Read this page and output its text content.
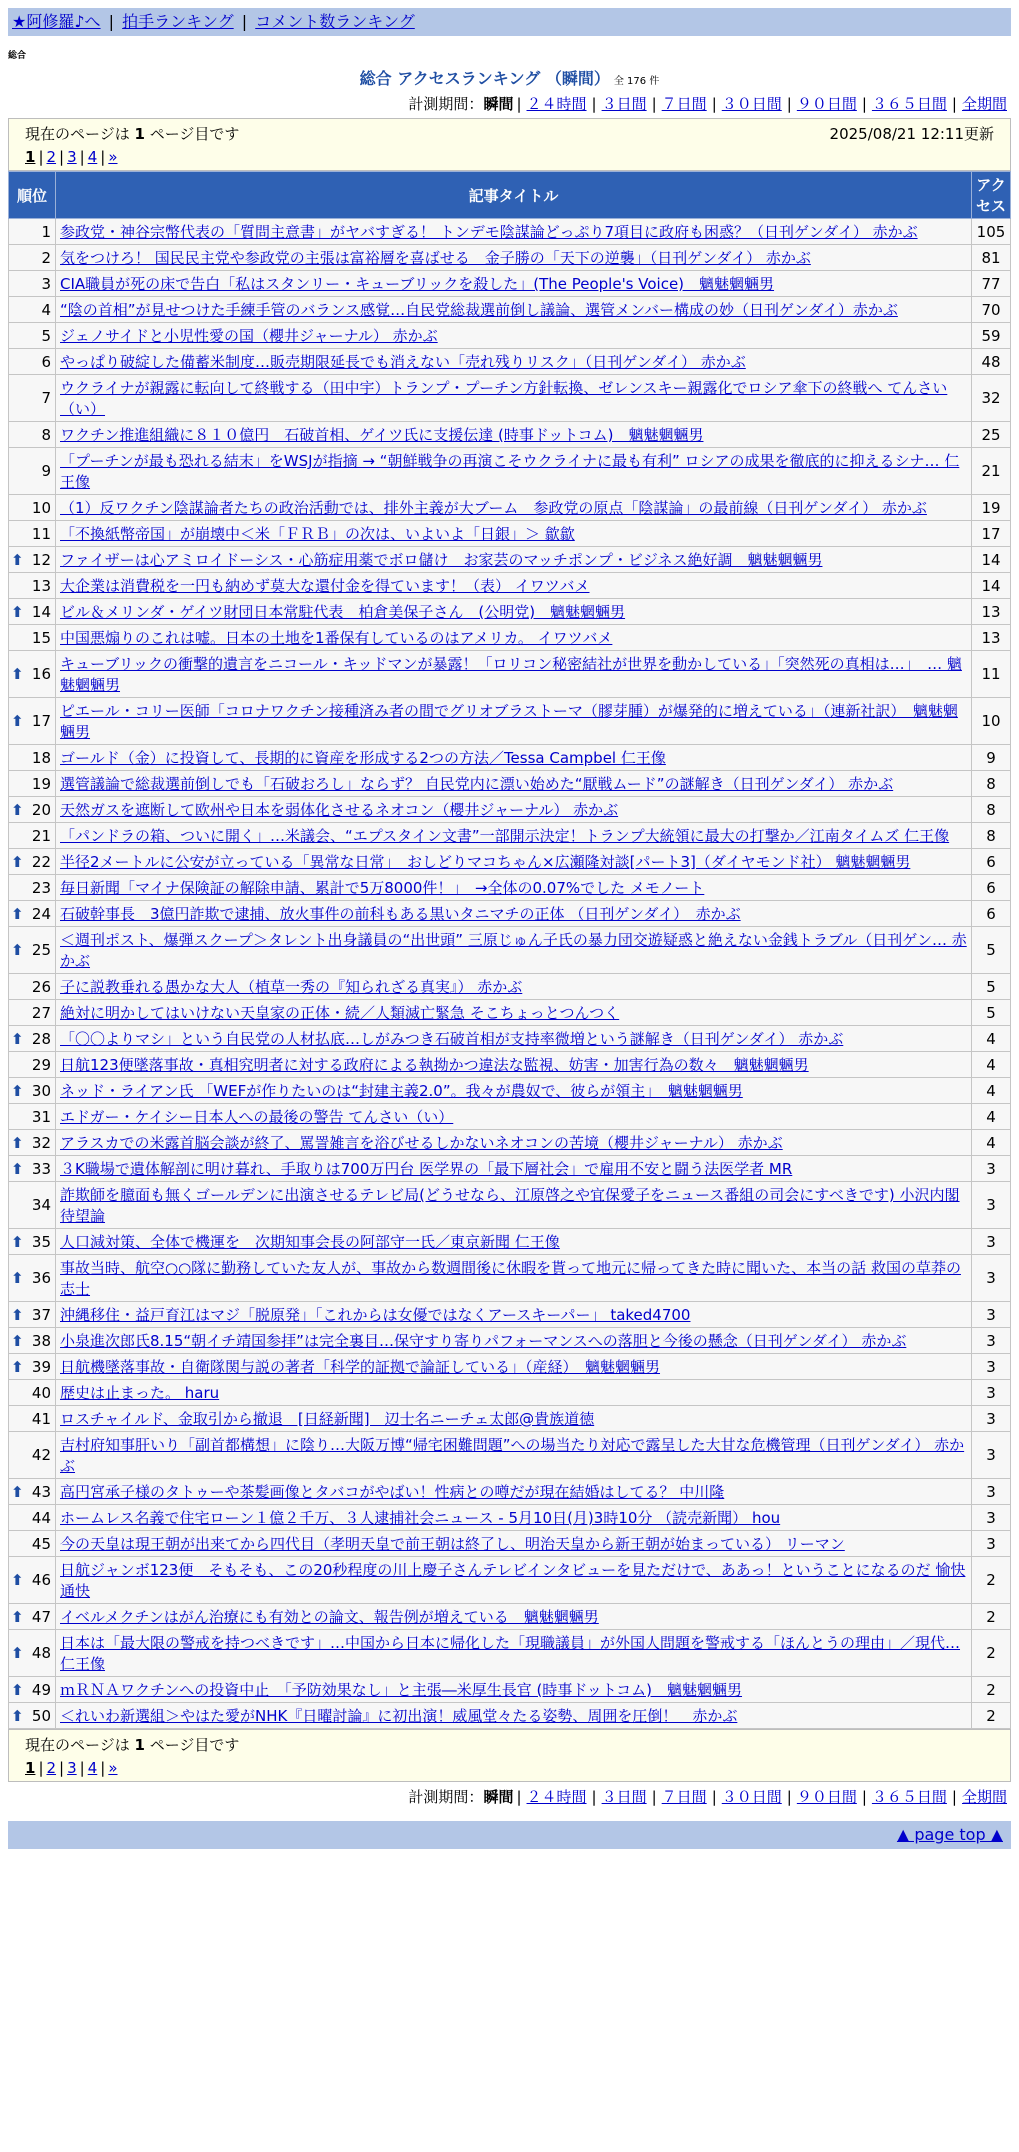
★阿修羅♪へ | 拍手ランキング | コメント数ランキング
総合
総合 アクセスランキング （瞬間） 全 176 件
計測期間：瞬間 | ２４時間 | ３日間 | ７日間 | ３０日間 | ９０日間 | ３６５日間 | 全期間
現在のページは 1 ページ目です	2025/08/21 12:11更新
1 | 2 | 3 | 4 | »
順位	記事タイトル	アクセス
1	参政党・神谷宗幣代表の「質問主意書」がヤバすぎる！ トンデモ陰謀論どっぷり7項目に政府も困惑？（日刊ゲンダイ） 赤かぶ	105
2	気をつけろ！ 国民民主党や参政党の主張は富裕層を喜ばせる　金子勝の「天下の逆襲」（日刊ゲンダイ） 赤かぶ	81
3	CIA職員が死の床で告白「私はスタンリー・キューブリックを殺した」(The People's Voice)　魑魅魍魎男	77
4	“陰の首相”が見せつけた手練手管のバランス感覚…自民党総裁選前倒し議論、選管メンバー構成の妙（日刊ゲンダイ）赤かぶ	70
5	ジェノサイドと小児性愛の国（櫻井ジャーナル） 赤かぶ	59
6	やっぱり破綻した備蓄米制度…販売期限延長でも消えない「売れ残りリスク」（日刊ゲンダイ） 赤かぶ	48
7	ウクライナが親露に転向して終戦する（田中宇）トランプ・プーチン方針転換、ゼレンスキー親露化でロシア傘下の終戦へ てんさい（い）	32
8	ワクチン推進組織に８１０億円　石破首相、ゲイツ氏に支援伝達 (時事ドットコム)　魑魅魍魎男	25
9	「プーチンが最も恐れる結末」をWSJが指摘 → “朝鮮戦争の再演こそウクライナに最も有利” ロシアの成果を徹底的に抑えるシナ… 仁王像	21
10	（1）反ワクチン陰謀論者たちの政治活動では、排外主義が大ブーム　参政党の原点「陰謀論」の最前線（日刊ゲンダイ） 赤かぶ	19
11	「不換紙幣帝国」が崩壊中＜米「ＦＲＢ」の次は、いよいよ「日銀」＞ 歙歙	17

⬆ 12	ファイザーは心アミロイドーシス・心筋症用薬でボロ儲け　お家芸のマッチポンプ・ビジネス絶好調　魑魅魍魎男	14
13	大企業は消費税を一円も納めず莫大な還付金を得ています！（表） イワツバメ	14

⬆ 14	ビル＆メリンダ・ゲイツ財団日本常駐代表　柏倉美保子さん　(公明党)　魑魅魍魎男	13
15	中国悪煽りのこれは嘘。日本の土地を1番保有しているのはアメリカ。 イワツバメ	13

⬆ 16	キューブリックの衝撃的遺言をニコール・キッドマンが暴露！「ロリコン秘密結社が世界を動かしている」「突然死の真相は…」　… 魑魅魍魎男	11

⬆ 17	ピエール・コリー医師「コロナワクチン接種済み者の間でグリオブラストーマ（膠芽腫）が爆発的に増えている」（連新社訳）　魑魅魍魎男	10
18	ゴールド（金）に投資して、長期的に資産を形成する2つの方法／Tessa Campbel 仁王像	9
19	選管議論で総裁選前倒しでも「石破おろし」ならず？ 自民党内に漂い始めた“厭戦ムード”の謎解き（日刊ゲンダイ） 赤かぶ	8

⬆ 20	天然ガスを遮断して欧州や日本を弱体化させるネオコン（櫻井ジャーナル） 赤かぶ	8
21	「パンドラの箱、ついに開く」…米議会、“エプスタイン文書”一部開示決定！トランプ大統領に最大の打撃か／江南タイムズ 仁王像	8

⬆ 22	半径2メートルに公安が立っている「異常な日常」　おしどりマコちゃん×広瀬隆対談[パート3]（ダイヤモンド社） 魑魅魍魎男	6
23	毎日新聞「マイナ保険証の解除申請、累計で5万8000件！」　→全体の0.07%でした メモノート	6

⬆ 24	石破幹事長　3億円詐欺で逮捕、放火事件の前科もある黒いタニマチの正体 （日刊ゲンダイ）　赤かぶ	6

⬆ 25	＜週刊ポスト、爆弾スクープ＞タレント出身議員の“出世頭” 三原じゅん子氏の暴力団交遊疑惑と絶えない金銭トラブル（日刊ゲン… 赤かぶ	5
26	子に説教垂れる愚かな大人（植草一秀の『知られざる真実』） 赤かぶ	5
27	絶対に明かしてはいけない天皇家の正体・続／人類滅亡緊急 そこちょっとつんつく	5

⬆ 28	「〇〇よりマシ」という自民党の人材払底…しがみつき石破首相が支持率微増という謎解き（日刊ゲンダイ） 赤かぶ	4
29	日航123便墜落事故・真相究明者に対する政府による執拗かつ違法な監視、妨害・加害行為の数々　魑魅魍魎男	4

⬆ 30	ネッド・ライアン氏 「WEFが作りたいのは“封建主義2.0”。我々が農奴で、彼らが領主」　魑魅魍魎男	4
31	エドガー・ケイシー日本人への最後の警告 てんさい（い）	4

⬆ 32	アラスカでの米露首脳会談が終了、罵詈雑言を浴びせるしかないネオコンの苦境（櫻井ジャーナル） 赤かぶ	4

⬆ 33	３K職場で遺体解剖に明け暮れ、手取りは700万円台 医学界の「最下層社会」で雇用不安と闘う法医学者 MR	3
34	詐欺師を臆面も無くゴールデンに出演させるテレビ局(どうせなら、江原啓之や宜保愛子をニュース番組の司会にすべきです) 小沢内閣待望論	3

⬆ 35	人口減対策、全体で機運を　次期知事会長の阿部守一氏／東京新聞 仁王像	3

⬆ 36	事故当時、航空○○隊に勤務していた友人が、事故から数週間後に休暇を貰って地元に帰ってきた時に聞いた、本当の話 救国の草莽の志士	3

⬆ 37	沖縄移住・益戸育江はマジ「脱原発」「これからは女優ではなくアースキーパー」 taked4700	3

⬆ 38	小泉進次郎氏8.15“朝イチ靖国参拝”は完全裏目…保守すり寄りパフォーマンスへの落胆と今後の懸念（日刊ゲンダイ） 赤かぶ	3

⬆ 39	日航機墜落事故・自衛隊関与説の著者「科学的証拠で論証している」（産経）　魑魅魍魎男	3
40	歴史は止まった。 haru	3
41	ロスチャイルド、金取引から撤退　[日経新聞]　辺士名ニーチェ太郎@貴族道徳	3
42	吉村府知事肝いり「副首都構想」に陰り…大阪万博“帰宅困難問題”への場当たり対応で露呈した大甘な危機管理（日刊ゲンダイ） 赤かぶ	3

⬆ 43	高円宮承子様のタトゥーや茶髪画像とタバコがやばい！性病との噂だが現在結婚はしてる？ 中川隆	3
44	ホームレス名義で住宅ローン１億２千万、３人逮捕社会ニュース - 5月10日(月)3時10分 （読売新聞） hou	3
45	今の天皇は現王朝が出来てから四代目（孝明天皇で前王朝は終了し、明治天皇から新王朝が始まっている） リーマン	3

⬆ 46	日航ジャンボ123便　そもそも、この20秒程度の川上慶子さんテレビインタビューを見ただけで、ああっ！ということになるのだ 愉快通快	2

⬆ 47	イベルメクチンはがん治療にも有効との論文、報告例が増えている　魑魅魍魎男	2

⬆ 48	日本は「最大限の警戒を持つべきです」…中国から日本に帰化した「現職議員」が外国人問題を警戒する「ほんとうの理由」／現代… 仁王像	2

⬆ 49	ｍＲＮＡワクチンへの投資中止　「予防効果なし」と主張―米厚生長官 (時事ドットコム)　魑魅魍魎男	2

⬆ 50	＜れいわ新選組＞やはた愛がNHK『日曜討論』に初出演！威風堂々たる姿勢、周囲を圧倒！　赤かぶ	2
現在のページは 1 ページ目です
1 | 2 | 3 | 4 | »
計測期間：瞬間 | ２４時間 | ３日間 | ７日間 | ３０日間 | ９０日間 | ３６５日間 | 全期間
▲ page top ▲
